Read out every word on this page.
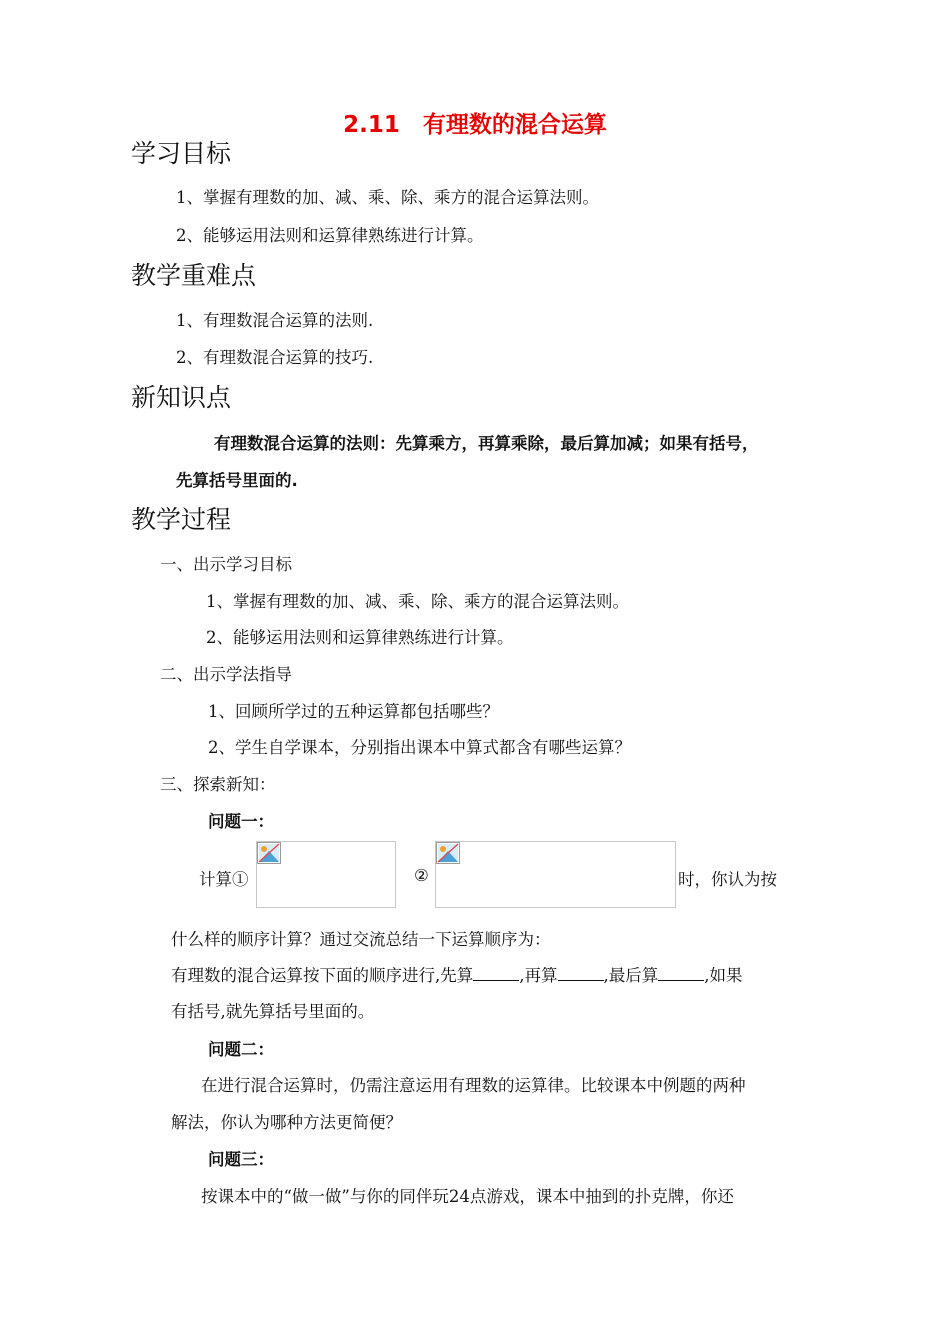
2.11　有理数的混合运算
学习目标
1、掌握有理数的加、减、乘、除、乘方的混合运算法则。
2、能够运用法则和运算律熟练进行计算。
教学重难点
1、有理数混合运算的法则.
2、有理数混合运算的技巧.
新知识点
有理数混合运算的法则：先算乘方，再算乘除，最后算加减；如果有括号，
先算括号里面的.
教学过程
一、出示学习目标
1、掌握有理数的加、减、乘、除、乘方的混合运算法则。
2、能够运用法则和运算律熟练进行计算。
二、出示学法指导
1、回顾所学过的五种运算都包括哪些？
2、学生自学课本，分别指出课本中算式都含有哪些运算？
三、探索新知：
问题一：
计算①	②	时，你认为按
什么样的顺序计算？通过交流总结一下运算顺序为：
有理数的混合运算按下面的顺序进行,先算	,再算	,最后算	,如果
有括号,就先算括号里面的。
问题二：
在进行混合运算时，仍需注意运用有理数的运算律。比较课本中例题的两种
解法，你认为哪种方法更简便？
问题三：
按课本中的“做一做”与你的同伴玩24点游戏，课本中抽到的扑克牌，你还
